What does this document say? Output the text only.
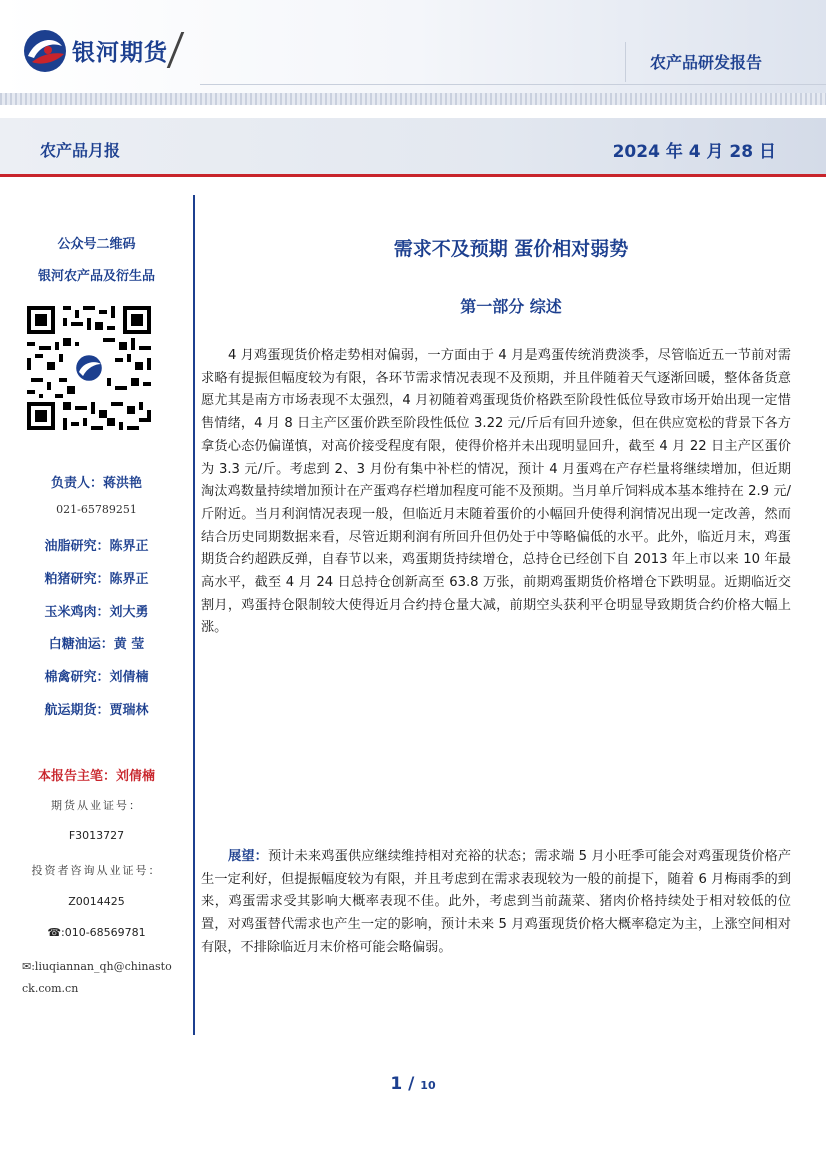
银河期货	农产品研发报告
农产品月报	2024 年 4 月 28 日
公众号二维码
银河农产品及衍生品
负责人：蒋洪艳
021-65789251
油脂研究：陈界正
粕猪研究：陈界正
玉米鸡肉：刘大勇
白糖油运：黄 莹
棉禽研究：刘倩楠
航运期货：贾瑞林
本报告主笔：刘倩楠
期货从业证号：
F3013727
投资者咨询从业证号：
Z0014425
☎:010-68569781
✉:liuqiannan_qh@chinastock.com.cn
需求不及预期 蛋价相对弱势
第一部分 综述
4 月鸡蛋现货价格走势相对偏弱，一方面由于 4 月是鸡蛋传统消费淡季，尽管临近五一节前对需求略有提振但幅度较为有限，各环节需求情况表现不及预期，并且伴随着天气逐渐回暖，整体备货意愿尤其是南方市场表现不太强烈，4 月初随着鸡蛋现货价格跌至阶段性低位导致市场开始出现一定惜售情绪，4 月 8 日主产区蛋价跌至阶段性低位 3.22 元/斤后有回升迹象，但在供应宽松的背景下各方拿货心态仍偏谨慎，对高价接受程度有限，使得价格并未出现明显回升，截至 4 月 22 日主产区蛋价为 3.3 元/斤。考虑到 2、3 月份有集中补栏的情况，预计 4 月蛋鸡在产存栏量将继续增加，但近期淘汰鸡数量持续增加预计在产蛋鸡存栏增加程度可能不及预期。当月单斤饲料成本基本维持在 2.9 元/斤附近。当月利润情况表现一般，但临近月末随着蛋价的小幅回升使得利润情况出现一定改善，然而结合历史同期数据来看，尽管近期利润有所回升但仍处于中等略偏低的水平。此外，临近月末，鸡蛋期货合约超跌反弹，自春节以来，鸡蛋期货持续增仓，总持仓已经创下自 2013 年上市以来 10 年最高水平，截至 4 月 24 日总持仓创新高至 63.8 万张，前期鸡蛋期货价格增仓下跌明显。近期临近交割月，鸡蛋持仓限制较大使得近月合约持仓量大减，前期空头获利平仓明显导致期货合约价格大幅上涨。
展望：预计未来鸡蛋供应继续维持相对充裕的状态；需求端 5 月小旺季可能会对鸡蛋现货价格产生一定利好，但提振幅度较为有限，并且考虑到在需求表现较为一般的前提下，随着 6 月梅雨季的到来，鸡蛋需求受其影响大概率表现不佳。此外，考虑到当前蔬菜、猪肉价格持续处于相对较低的位置，对鸡蛋替代需求也产生一定的影响，预计未来 5 月鸡蛋现货价格大概率稳定为主，上涨空间相对有限，不排除临近月末价格可能会略偏弱。
1 / 10
